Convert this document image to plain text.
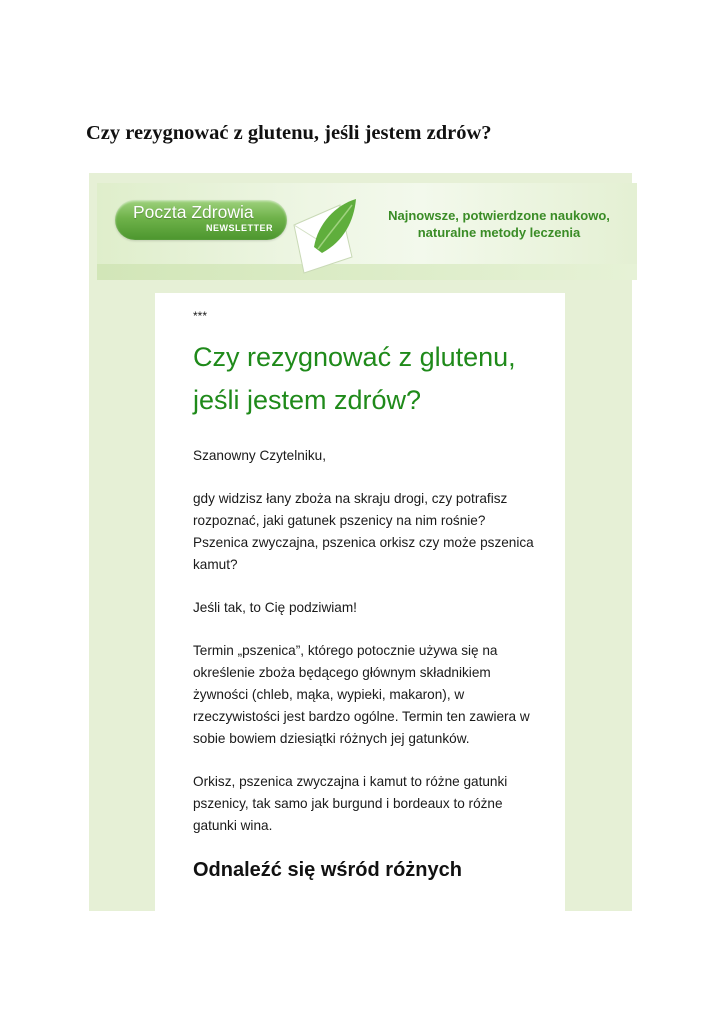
Czy rezygnować z glutenu, jeśli jestem zdrów?
Poczta Zdrowia
NEWSLETTER
Najnowsze, potwierdzone naukowo,
naturalne metody leczenia

***

Czy rezygnować z glutenu, jeśli jestem zdrów?

Szanowny Czytelniku,

gdy widzisz łany zboża na skraju drogi, czy potrafisz rozpoznać, jaki gatunek pszenicy na nim rośnie? Pszenica zwyczajna, pszenica orkisz czy może pszenica kamut?

Jeśli tak, to Cię podziwiam!

Termin „pszenica”, którego potocznie używa się na określenie zboża będącego głównym składnikiem żywności (chleb, mąka, wypieki, makaron), w rzeczywistości jest bardzo ogólne. Termin ten zawiera w sobie bowiem dziesiątki różnych jej gatunków.

Orkisz, pszenica zwyczajna i kamut to różne gatunki pszenicy, tak samo jak burgund i bordeaux to różne gatunki wina.

Odnaleźć się wśród różnych
